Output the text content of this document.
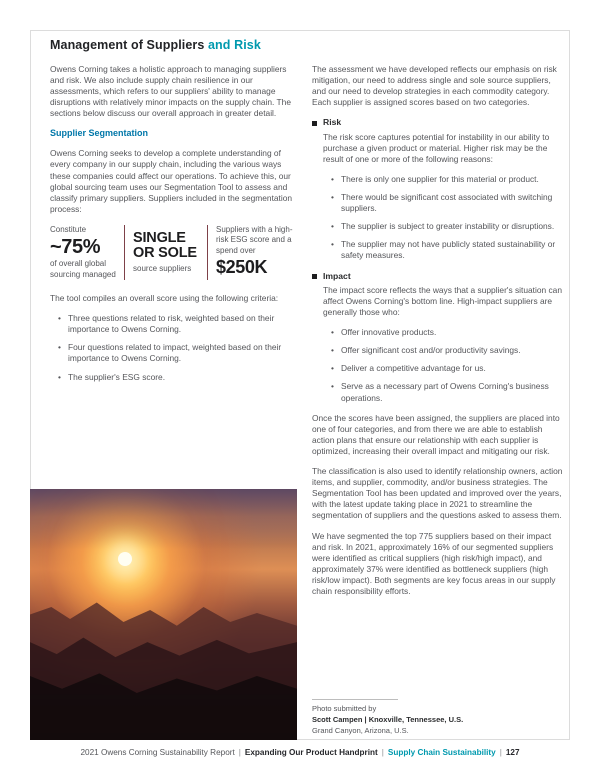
Management of Suppliers and Risk

Owens Corning takes a holistic approach to managing suppliers and risk. We also include supply chain resilience in our assessments, which refers to our suppliers' ability to manage disruptions with relatively minor impacts on the supply chain. The sections below discuss our overall approach in greater detail.

Supplier Segmentation

Owens Corning seeks to develop a complete understanding of every company in our supply chain, including the various ways these companies could affect our operations. To achieve this, our global sourcing team uses our Segmentation Tool to assess and classify primary suppliers. Suppliers included in the segmentation process:

Constitute
~75%
of overall global sourcing managed
SINGLE
OR SOLE
source suppliers
Suppliers with a high-risk ESG score and a spend over
$250K

The tool compiles an overall score using the following criteria:

• Three questions related to risk, weighted based on their importance to Owens Corning.
• Four questions related to impact, weighted based on their importance to Owens Corning.
• The supplier's ESG score.

The assessment we have developed reflects our emphasis on risk mitigation, our need to address single and sole source suppliers, and our need to develop strategies in each commodity category. Each supplier is assigned scores based on two categories.

Risk

The risk score captures potential for instability in our ability to purchase a given product or material. Higher risk may be the result of one or more of the following reasons:

• There is only one supplier for this material or product.
• There would be significant cost associated with switching suppliers.
• The supplier is subject to greater instability or disruptions.
• The supplier may not have publicly stated sustainability or safety measures.
Impact

The impact score reflects the ways that a supplier's situation can affect Owens Corning's bottom line. High-impact suppliers are generally those who:

• Offer innovative products.
• Offer significant cost and/or productivity savings.
• Deliver a competitive advantage for us.
• Serve as a necessary part of Owens Corning's business operations.

Once the scores have been assigned, the suppliers are placed into one of four categories, and from there we are able to establish action plans that ensure our relationship with each supplier is optimized, increasing their overall impact and mitigating our risk.

The classification is also used to identify relationship owners, action items, and supplier, commodity, and/or business strategies. The Segmentation Tool has been updated and improved over the years, with the latest update taking place in 2021 to streamline the segmentation of suppliers and the questions asked to assess them.

We have segmented the top 775 suppliers based on their impact and risk. In 2021, approximately 16% of our segmented suppliers were identified as critical suppliers (high risk/high impact), and approximately 37% were identified as bottleneck suppliers (high risk/low impact). Both segments are key focus areas in our supply chain responsibility efforts.

Photo submitted by
Scott Campen | Knoxville, Tennessee, U.S.
Grand Canyon, Arizona, U.S.
2021 Owens Corning Sustainability Report | Expanding Our Product Handprint | Supply Chain Sustainability | 127
